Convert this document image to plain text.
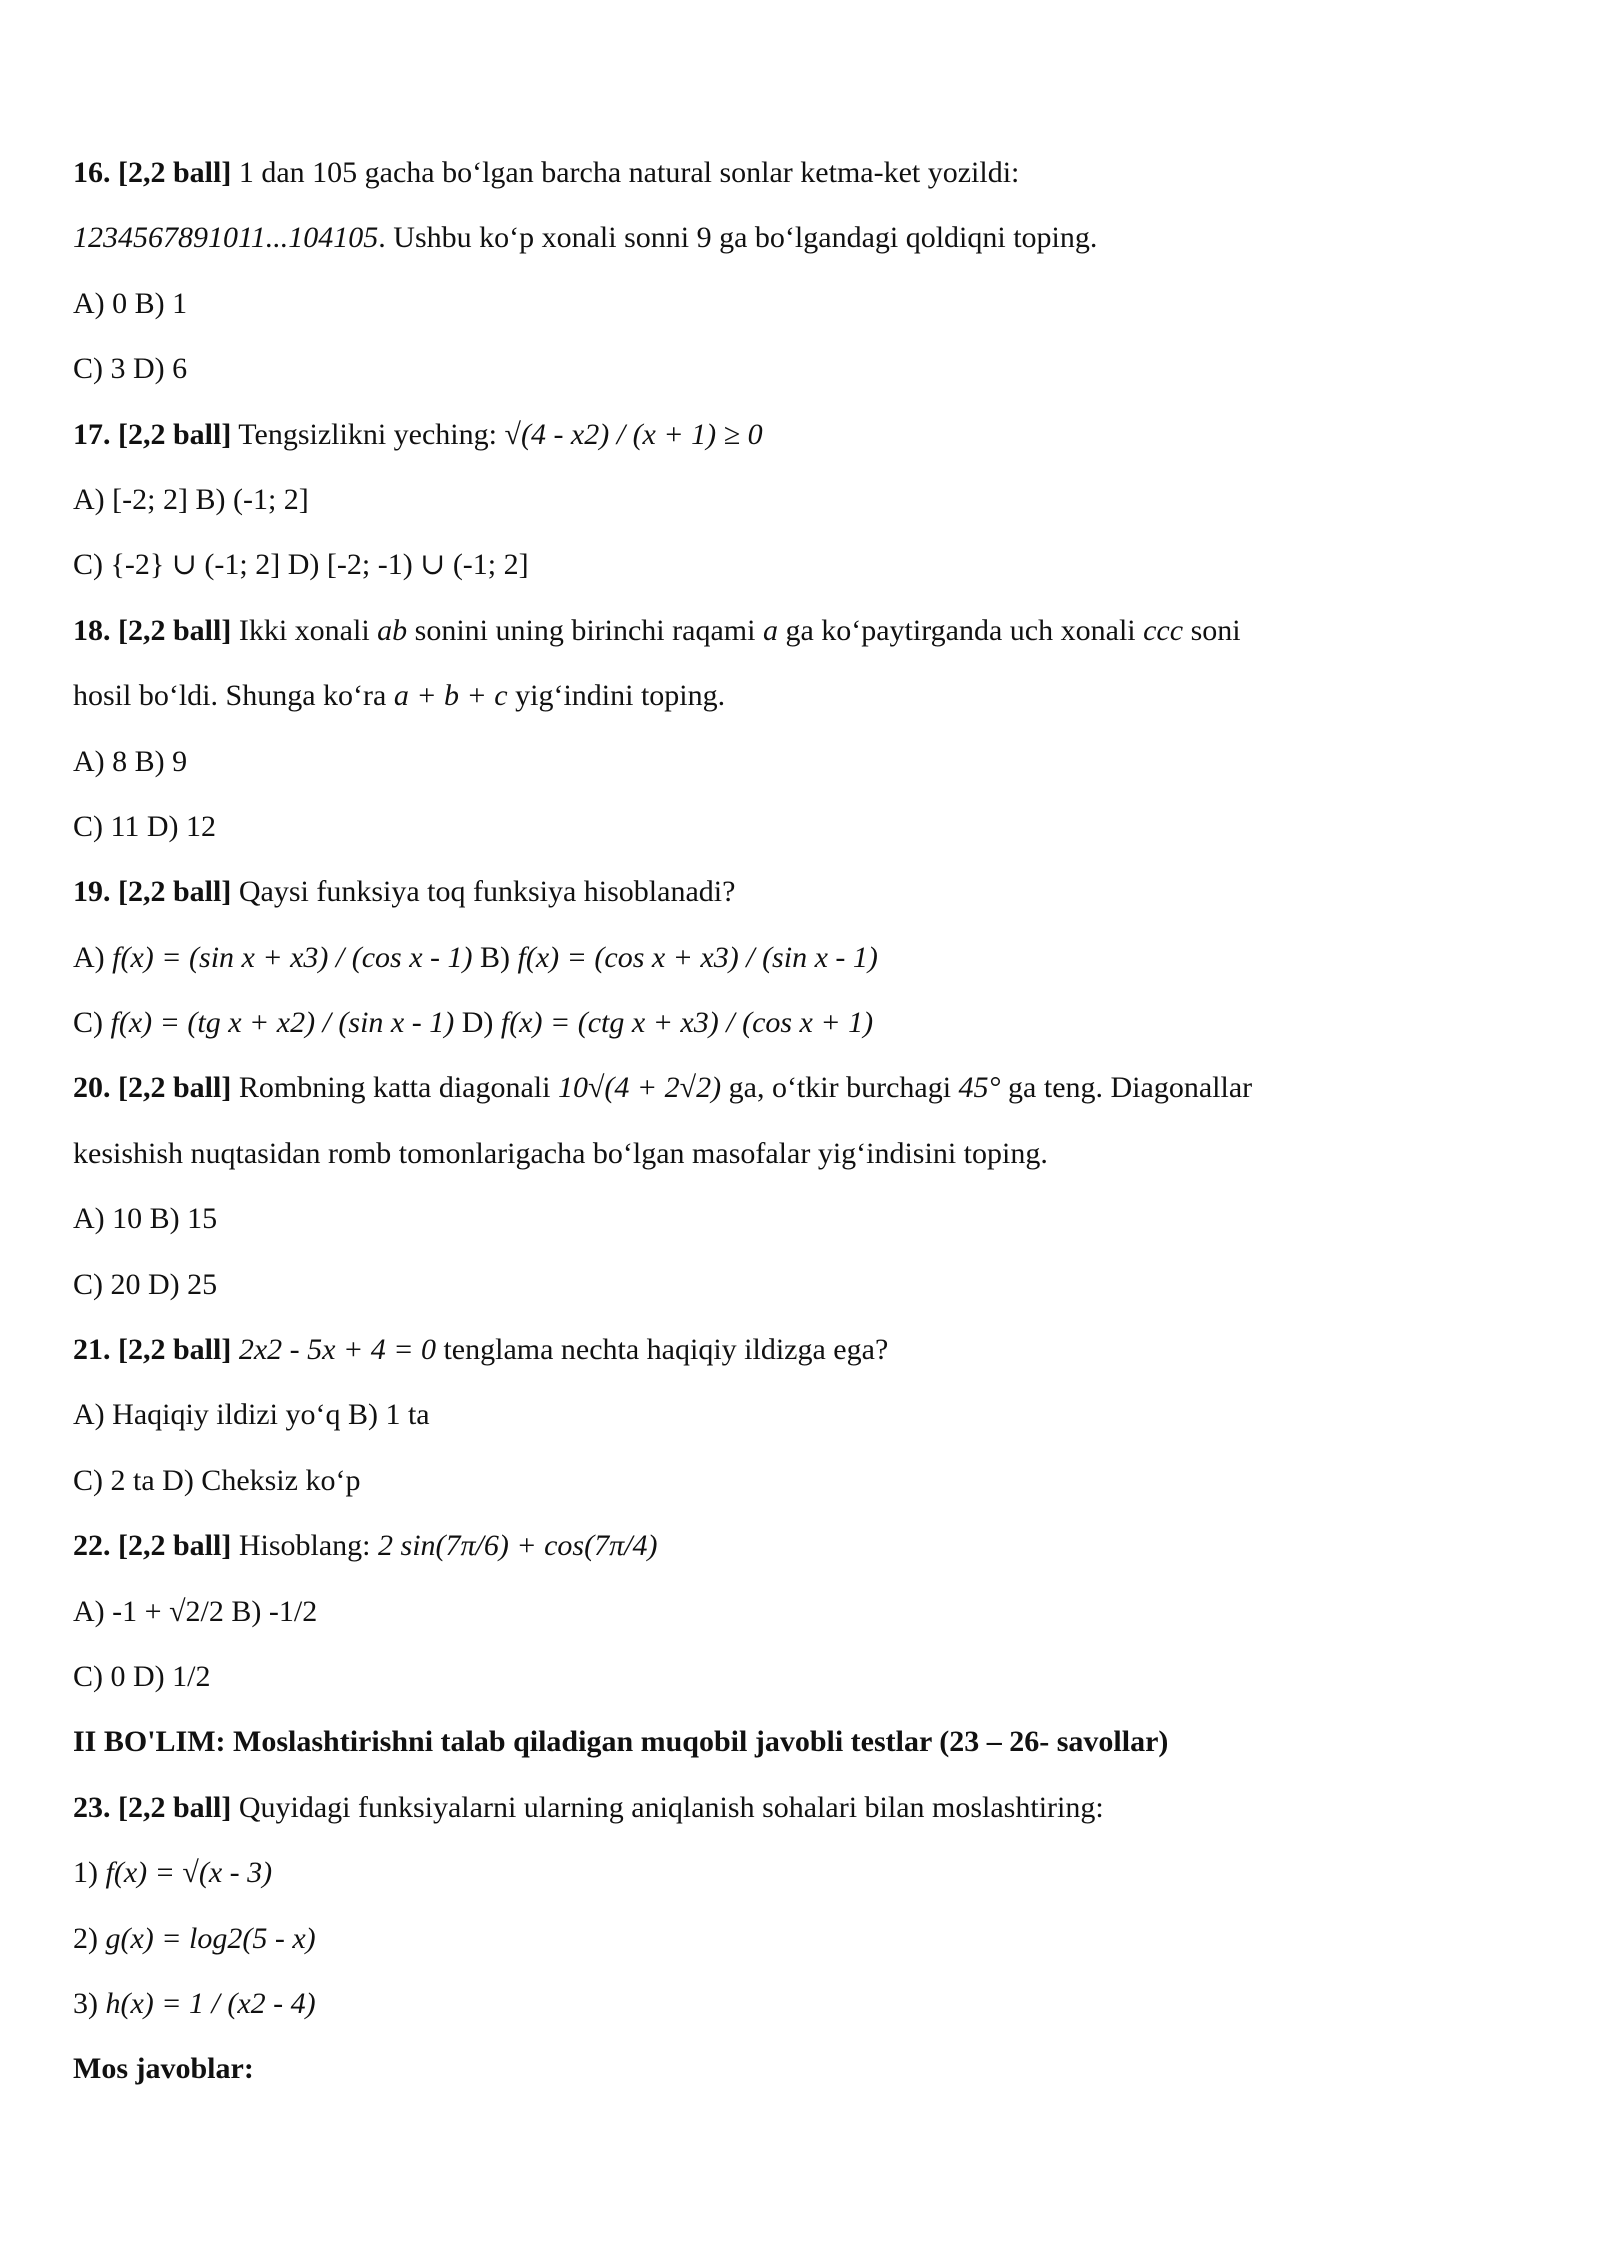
16. [2,2 ball] 1 dan 105 gacha bo‘lgan barcha natural sonlar ketma-ket yozildi:
1234567891011...104105. Ushbu ko‘p xonali sonni 9 ga bo‘lgandagi qoldiqni toping.
A) 0 B) 1
C) 3 D) 6
17. [2,2 ball] Tengsizlikni yeching: √(4 - x2) / (x + 1) ≥ 0
A) [-2; 2] B) (-1; 2]
C) {-2} ∪ (-1; 2] D) [-2; -1) ∪ (-1; 2]
18. [2,2 ball] Ikki xonali ab sonini uning birinchi raqami a ga ko‘paytirganda uch xonali ccc soni
hosil bo‘ldi. Shunga ko‘ra a + b + c yig‘indini toping.
A) 8 B) 9
C) 11 D) 12
19. [2,2 ball] Qaysi funksiya toq funksiya hisoblanadi?
A) f(x) = (sin x + x3) / (cos x - 1) B) f(x) = (cos x + x3) / (sin x - 1)
C) f(x) = (tg x + x2) / (sin x - 1) D) f(x) = (ctg x + x3) / (cos x + 1)
20. [2,2 ball] Rombning katta diagonali 10√(4 + 2√2) ga, o‘tkir burchagi 45° ga teng. Diagonallar
kesishish nuqtasidan romb tomonlarigacha bo‘lgan masofalar yig‘indisini toping.
A) 10 B) 15
C) 20 D) 25
21. [2,2 ball] 2x2 - 5x + 4 = 0 tenglama nechta haqiqiy ildizga ega?
A) Haqiqiy ildizi yo‘q B) 1 ta
C) 2 ta D) Cheksiz ko‘p
22. [2,2 ball] Hisoblang: 2 sin(7π/6) + cos(7π/4)
A) -1 + √2/2 B) -1/2
C) 0 D) 1/2
II BO'LIM: Moslashtirishni talab qiladigan muqobil javobli testlar (23 – 26- savollar)
23. [2,2 ball] Quyidagi funksiyalarni ularning aniqlanish sohalari bilan moslashtiring:
1) f(x) = √(x - 3)
2) g(x) = log2(5 - x)
3) h(x) = 1 / (x2 - 4)
Mos javoblar:
